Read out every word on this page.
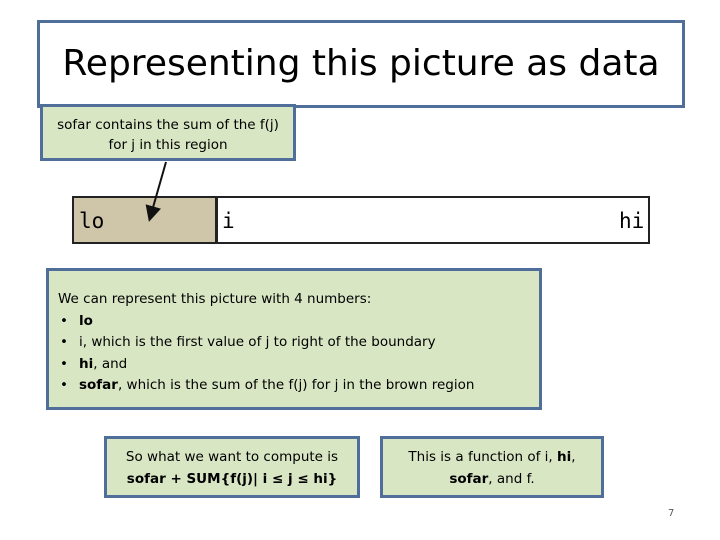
Representing this picture as data
sofar contains the sum of the f(j)
for j in this region
lo	i	hi
We can represent this picture with 4 numbers:
• lo
• i, which is the first value of j to right of the boundary
• hi, and
• sofar, which is the sum of the f(j) for j in the brown region
So what we want to compute is
sofar + SUM{f(j)| i ≤ j ≤ hi}
This is a function of i, hi,
sofar, and f.
7
